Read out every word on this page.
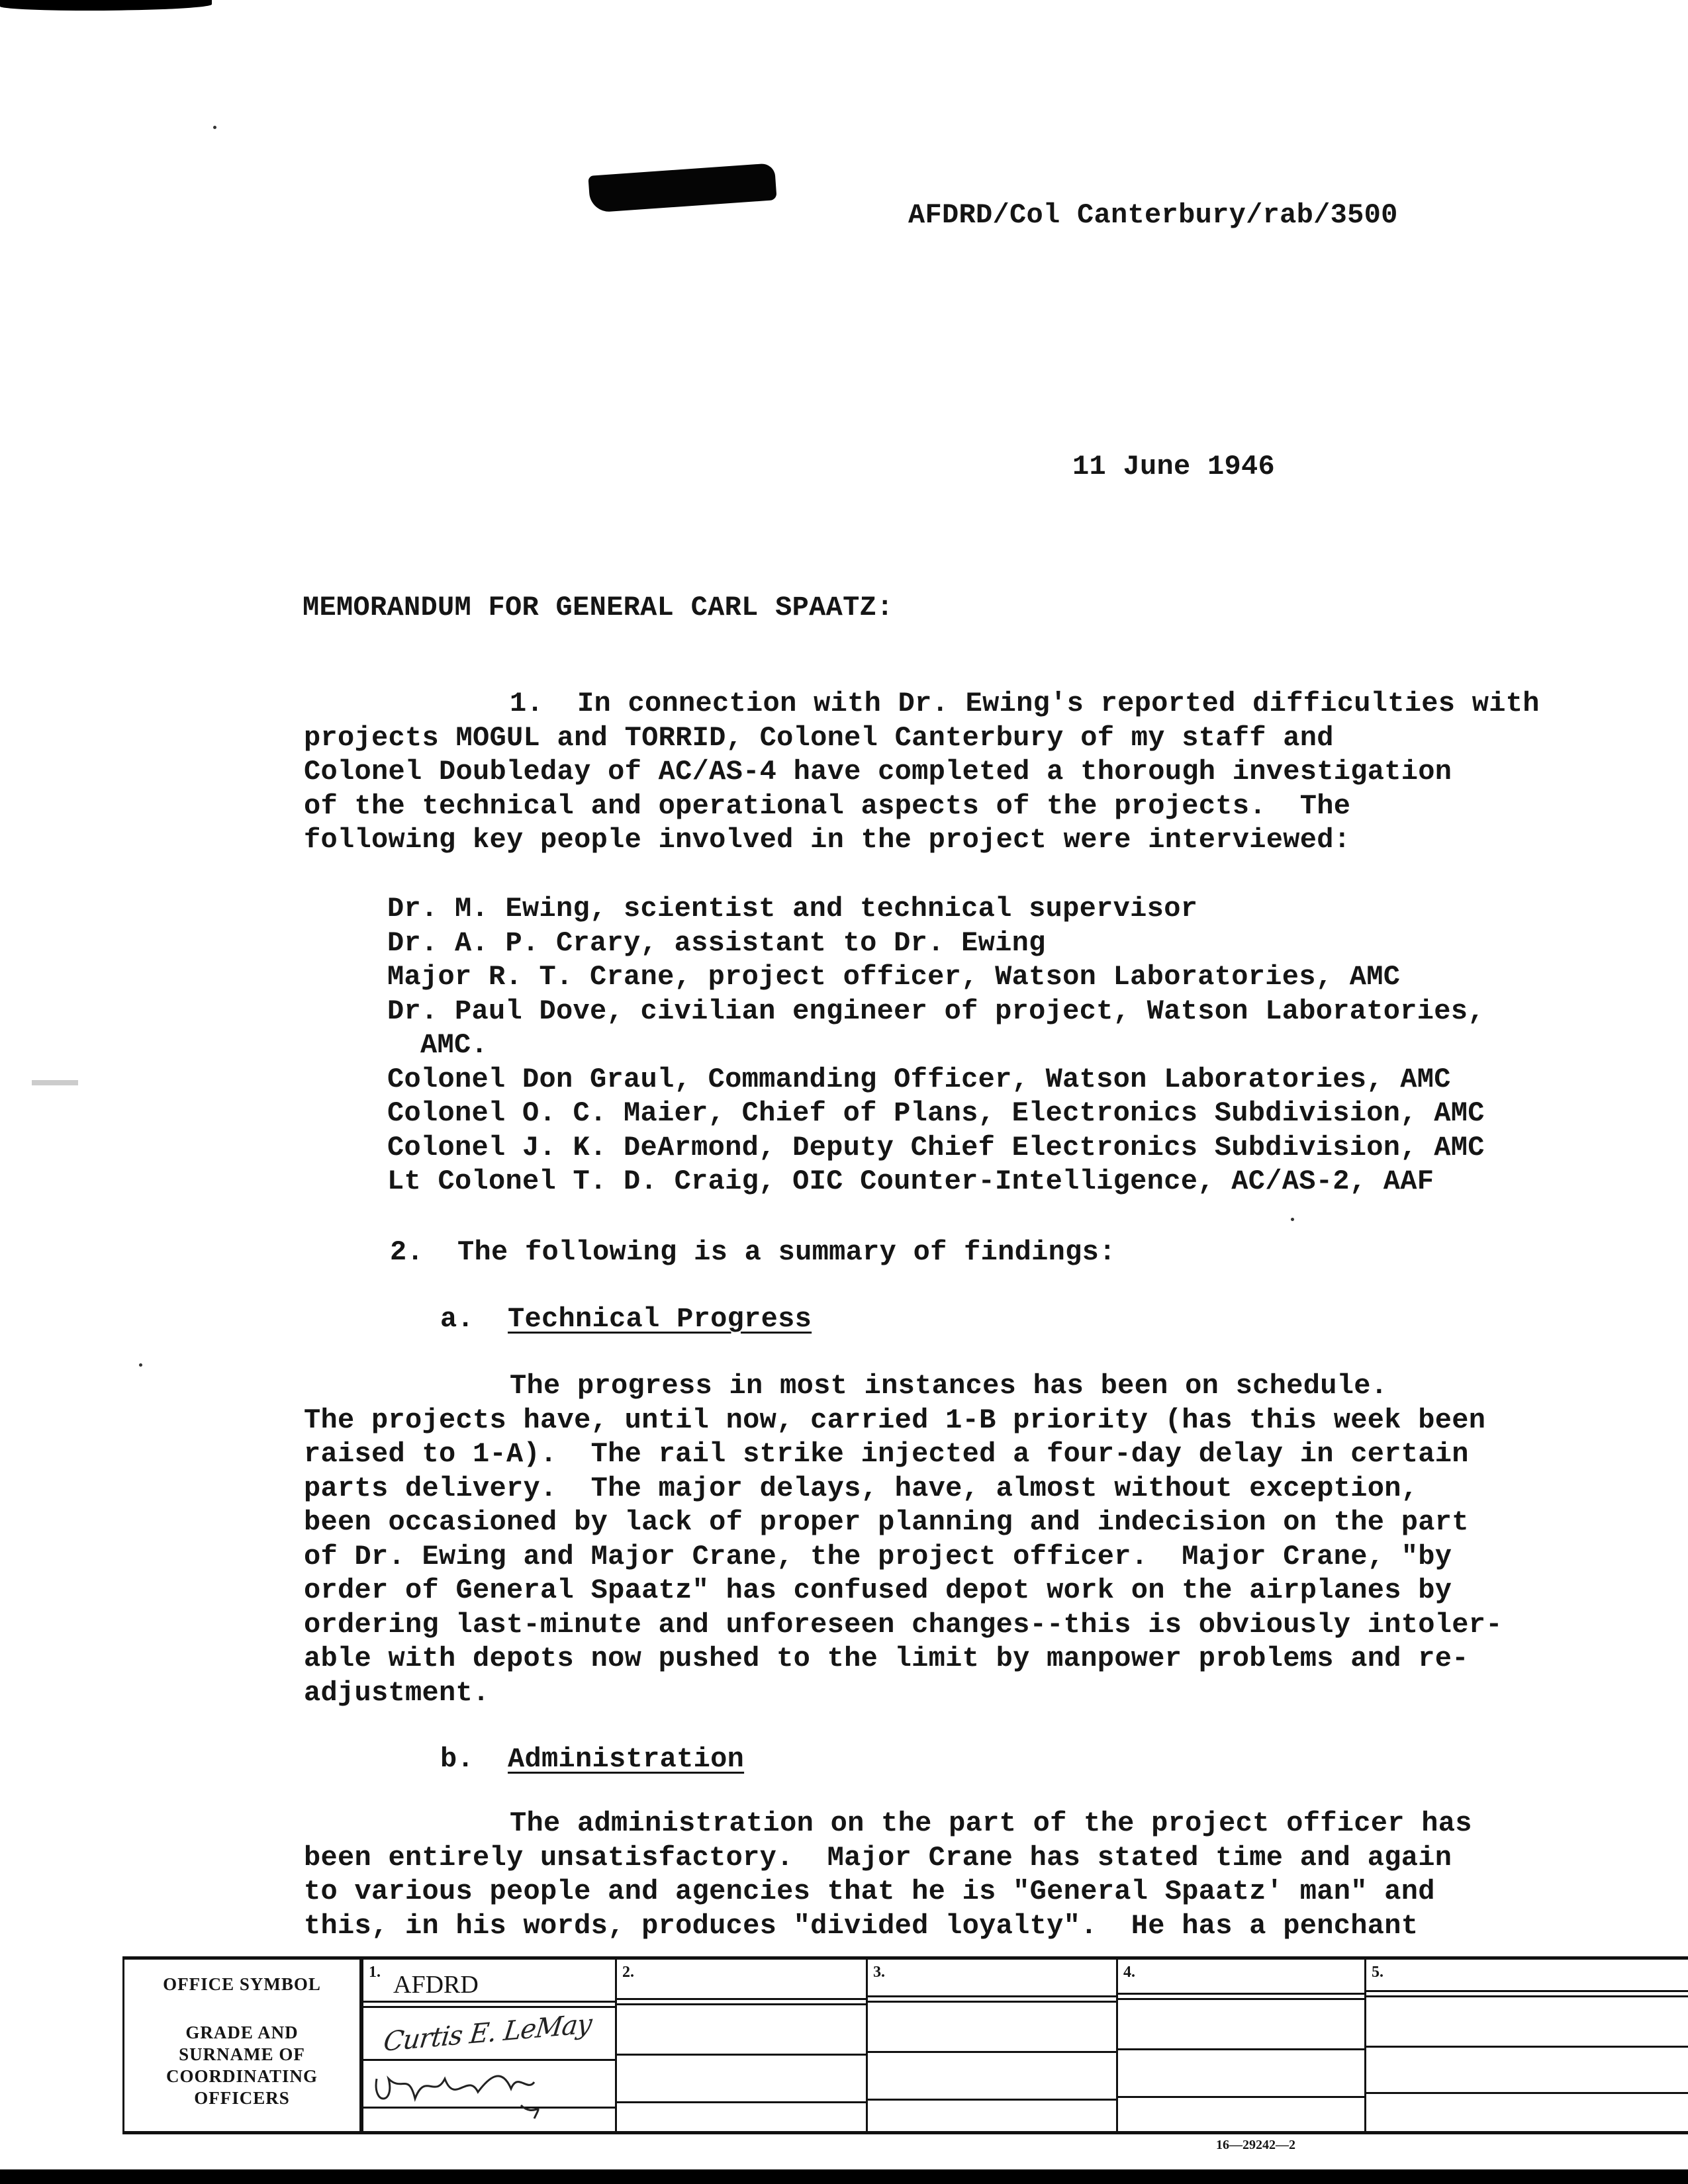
AFDRD/Col Canterbury/rab/3500
11 June 1946
MEMORANDUM FOR GENERAL CARL SPAATZ:
1.  In connection with Dr. Ewing's reported difficulties with
projects MOGUL and TORRID, Colonel Canterbury of my staff and
Colonel Doubleday of AC/AS-4 have completed a thorough investigation
of the technical and operational aspects of the projects.  The
following key people involved in the project were interviewed:
Dr. M. Ewing, scientist and technical supervisor
Dr. A. P. Crary, assistant to Dr. Ewing
Major R. T. Crane, project officer, Watson Laboratories, AMC
Dr. Paul Dove, civilian engineer of project, Watson Laboratories,
AMC.
Colonel Don Graul, Commanding Officer, Watson Laboratories, AMC
Colonel O. C. Maier, Chief of Plans, Electronics Subdivision, AMC
Colonel J. K. DeArmond, Deputy Chief Electronics Subdivision, AMC
Lt Colonel T. D. Craig, OIC Counter-Intelligence, AC/AS-2, AAF
2.  The following is a summary of findings:
a. Technical Progress
The progress in most instances has been on schedule.
The projects have, until now, carried 1-B priority (has this week been
raised to 1-A).  The rail strike injected a four-day delay in certain
parts delivery.  The major delays, have, almost without exception,
been occasioned by lack of proper planning and indecision on the part
of Dr. Ewing and Major Crane, the project officer.  Major Crane, "by
order of General Spaatz" has confused depot work on the airplanes by
ordering last-minute and unforeseen changes--this is obviously intoler-
able with depots now pushed to the limit by manpower problems and re-
adjustment.
b. Administration
The administration on the part of the project officer has
been entirely unsatisfactory.  Major Crane has stated time and again
to various people and agencies that he is "General Spaatz' man" and
this, in his words, produces "divided loyalty".  He has a penchant
OFFICE SYMBOL
GRADE AND
SURNAME OF
COORDINATING
OFFICERS
1. AFDRD
Curtis E. LeMay
2.	3.	4.	5.
16—29242—2
